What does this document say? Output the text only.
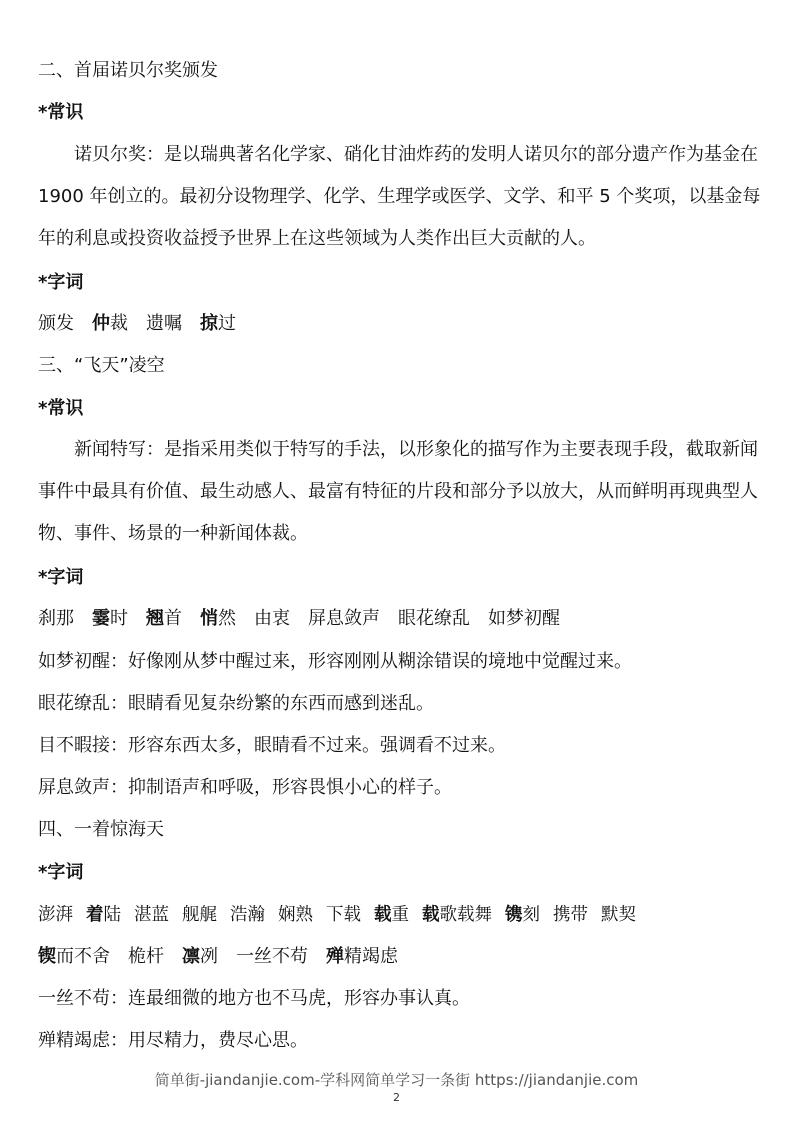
二、首届诺贝尔奖颁发
*常识
诺贝尔奖：是以瑞典著名化学家、硝化甘油炸药的发明人诺贝尔的部分遗产作为基金在 1900 年创立的。最初分设物理学、化学、生理学或医学、文学、和平 5 个奖项，以基金每年的利息或投资收益授予世界上在这些领域为人类作出巨大贡献的人。
*字词
颁发 仲裁 遗嘱 掠过
三、“飞天”凌空
*常识
新闻特写：是指采用类似于特写的手法，以形象化的描写作为主要表现手段，截取新闻事件中最具有价值、最生动感人、最富有特征的片段和部分予以放大，从而鲜明再现典型人物、事件、场景的一种新闻体裁。
*字词
刹那 霎时 翘首 悄然 由衷 屏息敛声 眼花缭乱 如梦初醒
如梦初醒：好像刚从梦中醒过来，形容刚刚从糊涂错误的境地中觉醒过来。
眼花缭乱：眼睛看见复杂纷繁的东西而感到迷乱。
目不暇接：形容东西太多，眼睛看不过来。强调看不过来。
屏息敛声：抑制语声和呼吸，形容畏惧小心的样子。
四、一着惊海天
*字词
澎湃 着陆 湛蓝 舰艉 浩瀚 娴熟 下载 载重 载歌载舞 镌刻 携带 默契
锲而不舍 桅杆 凛冽 一丝不苟 殚精竭虑
一丝不苟：连最细微的地方也不马虎，形容办事认真。
殚精竭虑：用尽精力，费尽心思。
简单街-jiandanjie.com-学科网简单学习一条街 https://jiandanjie.com
2
